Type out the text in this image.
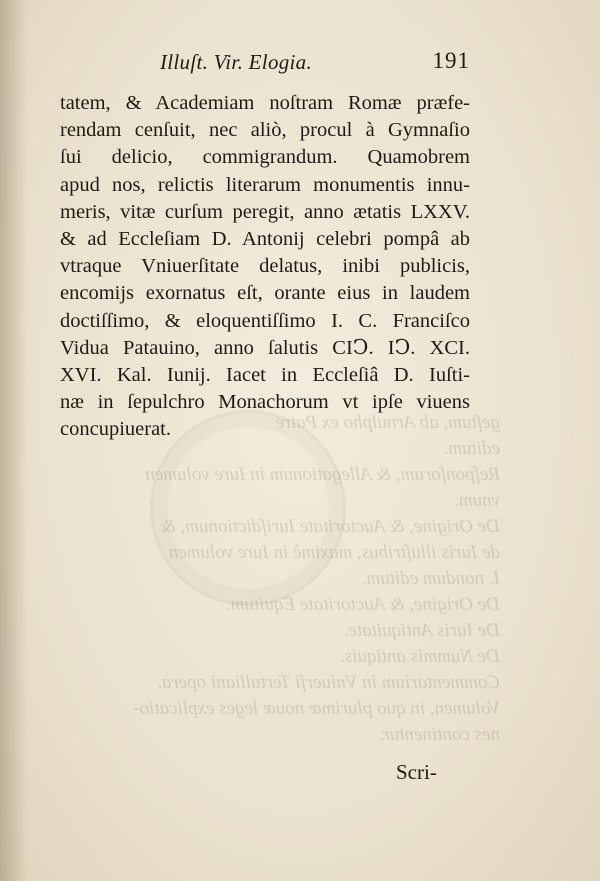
geſtum, ab Arnulpho ex Patre
editum.
Reſponſorum, & Allegationum in Iure volumen
vnum.
De Origine, & Auctoritate Iuriſdictionum, &
de Iuris illuſtribus, maximè in Iure volumen
I. nondum editum.
De Origine, & Auctoritate Equitum.
De Iuris Antiquitate.
De Nummis antiquis.
Commentarium in Vniuerſi Tertulliani opera.
Volumen, in quo plurimæ nouæ leges explicatio-
nes continentur.
Illuſt. Vir. Elogia.	191
tatem, & Academiam noſtram Romæ præfe-
rendam cenſuit, nec aliò, procul à Gymnaſio
ſui delicio, commigrandum. Quamobrem
apud nos, relictis literarum monumentis innu-
meris, vitæ curſum peregit, anno ætatis LXXV.
& ad Eccleſiam D. Antonij celebri pompâ ab
vtraque Vniuerſitate delatus, inibi publicis,
encomijs exornatus eſt, orante eius in laudem
doctiſſimo, & eloquentiſſimo I. C. Franciſco
Vidua Patauino, anno ſalutis CIↃ. IↃ. XCI.
XVI. Kal. Iunij. Iacet in Eccleſiâ D. Iuſti-
næ in ſepulchro Monachorum vt ipſe viuens
concupiuerat.
Scri-
